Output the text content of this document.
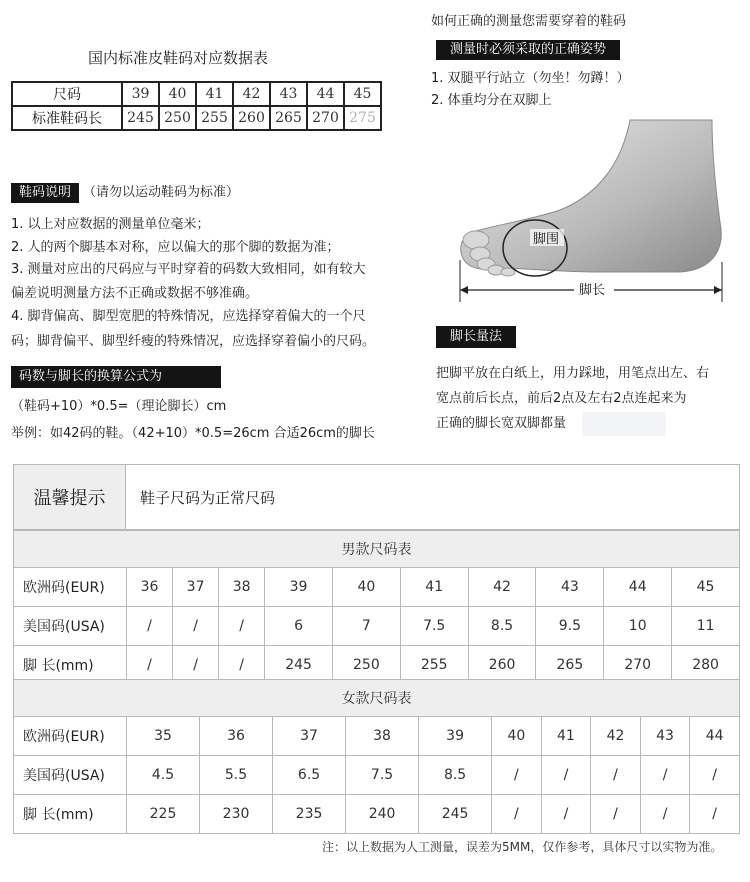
国内标准皮鞋码对应数据表
尺码	39	40	41	42	43	44	45
标准鞋码长	245	250	255	260	265	270	275
如何正确的测量您需要穿着的鞋码
测量时必须采取的正确姿势
1. 双腿平行站立（勿坐！勿蹲！）
2. 体重均分在双脚上
脚围
脚长
鞋码说明 （请勿以运动鞋码为标准）
1. 以上对应数据的测量单位毫米；
2. 人的两个脚基本对称，应以偏大的那个脚的数据为准；
3. 测量对应出的尺码应与平时穿着的码数大致相同，如有较大
偏差说明测量方法不正确或数据不够准确。
4. 脚背偏高、脚型宽肥的特殊情况，应选择穿着偏大的一个尺
码；脚背偏平、脚型纤瘦的特殊情况，应选择穿着偏小的尺码。
码数与脚长的换算公式为
（鞋码+10）*0.5=（理论脚长）cm
举例：如42码的鞋。（42+10）*0.5=26cm 合适26cm的脚长
脚长量法
把脚平放在白纸上，用力踩地，用笔点出左、右
宽点前后长点，前后2点及左右2点连起来为
正确的脚长宽双脚都量
温馨提示	鞋子尺码为正常尺码
男款尺码表										
欧洲码(EUR)	36	37	38	39	40	41	42	43	44	45
美国码(USA)	/	/	/	6	7	7.5	8.5	9.5	10	11
脚 长(mm)	/	/	/	245	250	255	260	265	270	280
女款尺码表										
欧洲码(EUR)	35	36	37	38	39	40	41	42	43	44
美国码(USA)	4.5	5.5	6.5	7.5	8.5	/	/	/	/	/
脚 长(mm)	225	230	235	240	245	/	/	/	/	/
注：以上数据为人工测量，误差为5MM，仅作参考，具体尺寸以实物为准。
